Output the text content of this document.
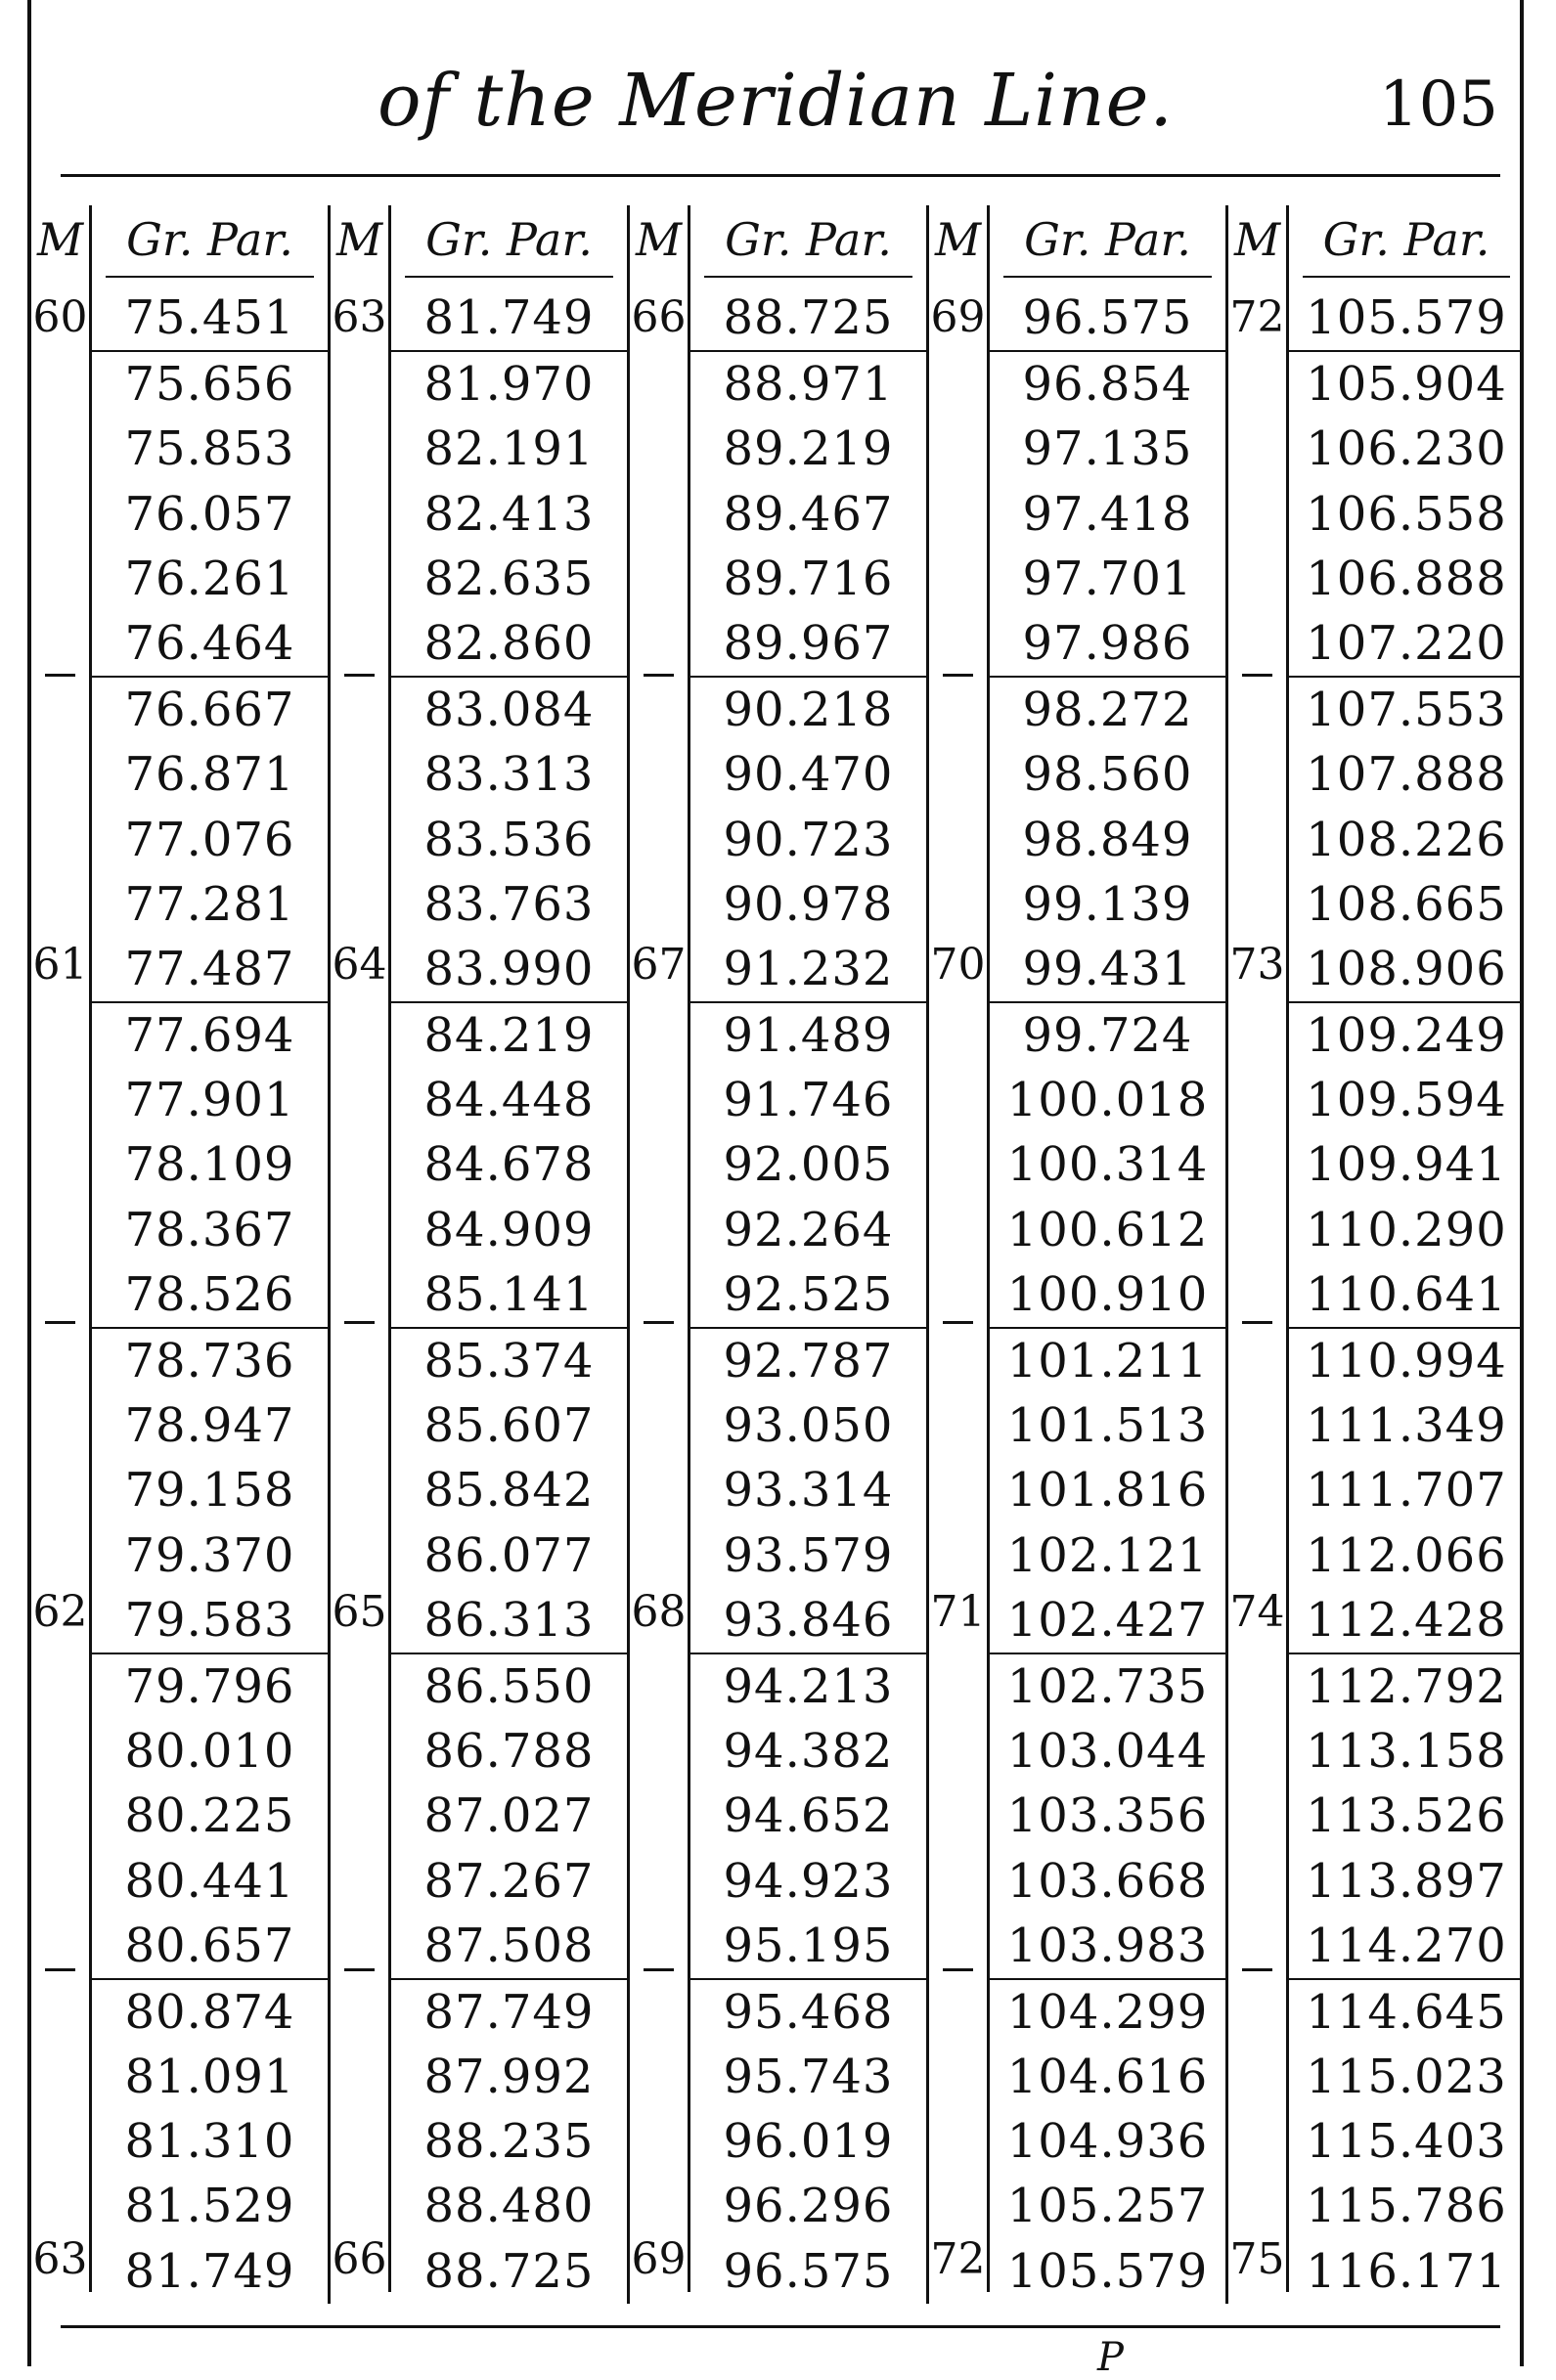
of the Meridian Line.	105
M
60
61
62
63
Gr. Par.
75.451
75.656
75.853
76.057
76.261
76.464
76.667
76.871
77.076
77.281
77.487
77.694
77.901
78.109
78.367
78.526
78.736
78.947
79.158
79.370
79.583
79.796
80.010
80.225
80.441
80.657
80.874
81.091
81.310
81.529
81.749
M
63
64
65
66
Gr. Par.
81.749
81.970
82.191
82.413
82.635
82.860
83.084
83.313
83.536
83.763
83.990
84.219
84.448
84.678
84.909
85.141
85.374
85.607
85.842
86.077
86.313
86.550
86.788
87.027
87.267
87.508
87.749
87.992
88.235
88.480
88.725
M
66
67
68
69
Gr. Par.
88.725
88.971
89.219
89.467
89.716
89.967
90.218
90.470
90.723
90.978
91.232
91.489
91.746
92.005
92.264
92.525
92.787
93.050
93.314
93.579
93.846
94.213
94.382
94.652
94.923
95.195
95.468
95.743
96.019
96.296
96.575
M
69
70
71
72
Gr. Par.
96.575
96.854
97.135
97.418
97.701
97.986
98.272
98.560
98.849
99.139
99.431
99.724
100.018
100.314
100.612
100.910
101.211
101.513
101.816
102.121
102.427
102.735
103.044
103.356
103.668
103.983
104.299
104.616
104.936
105.257
105.579
M
72
73
74
75
Gr. Par.
105.579
105.904
106.230
106.558
106.888
107.220
107.553
107.888
108.226
108.665
108.906
109.249
109.594
109.941
110.290
110.641
110.994
111.349
111.707
112.066
112.428
112.792
113.158
113.526
113.897
114.270
114.645
115.023
115.403
115.786
116.171
P
